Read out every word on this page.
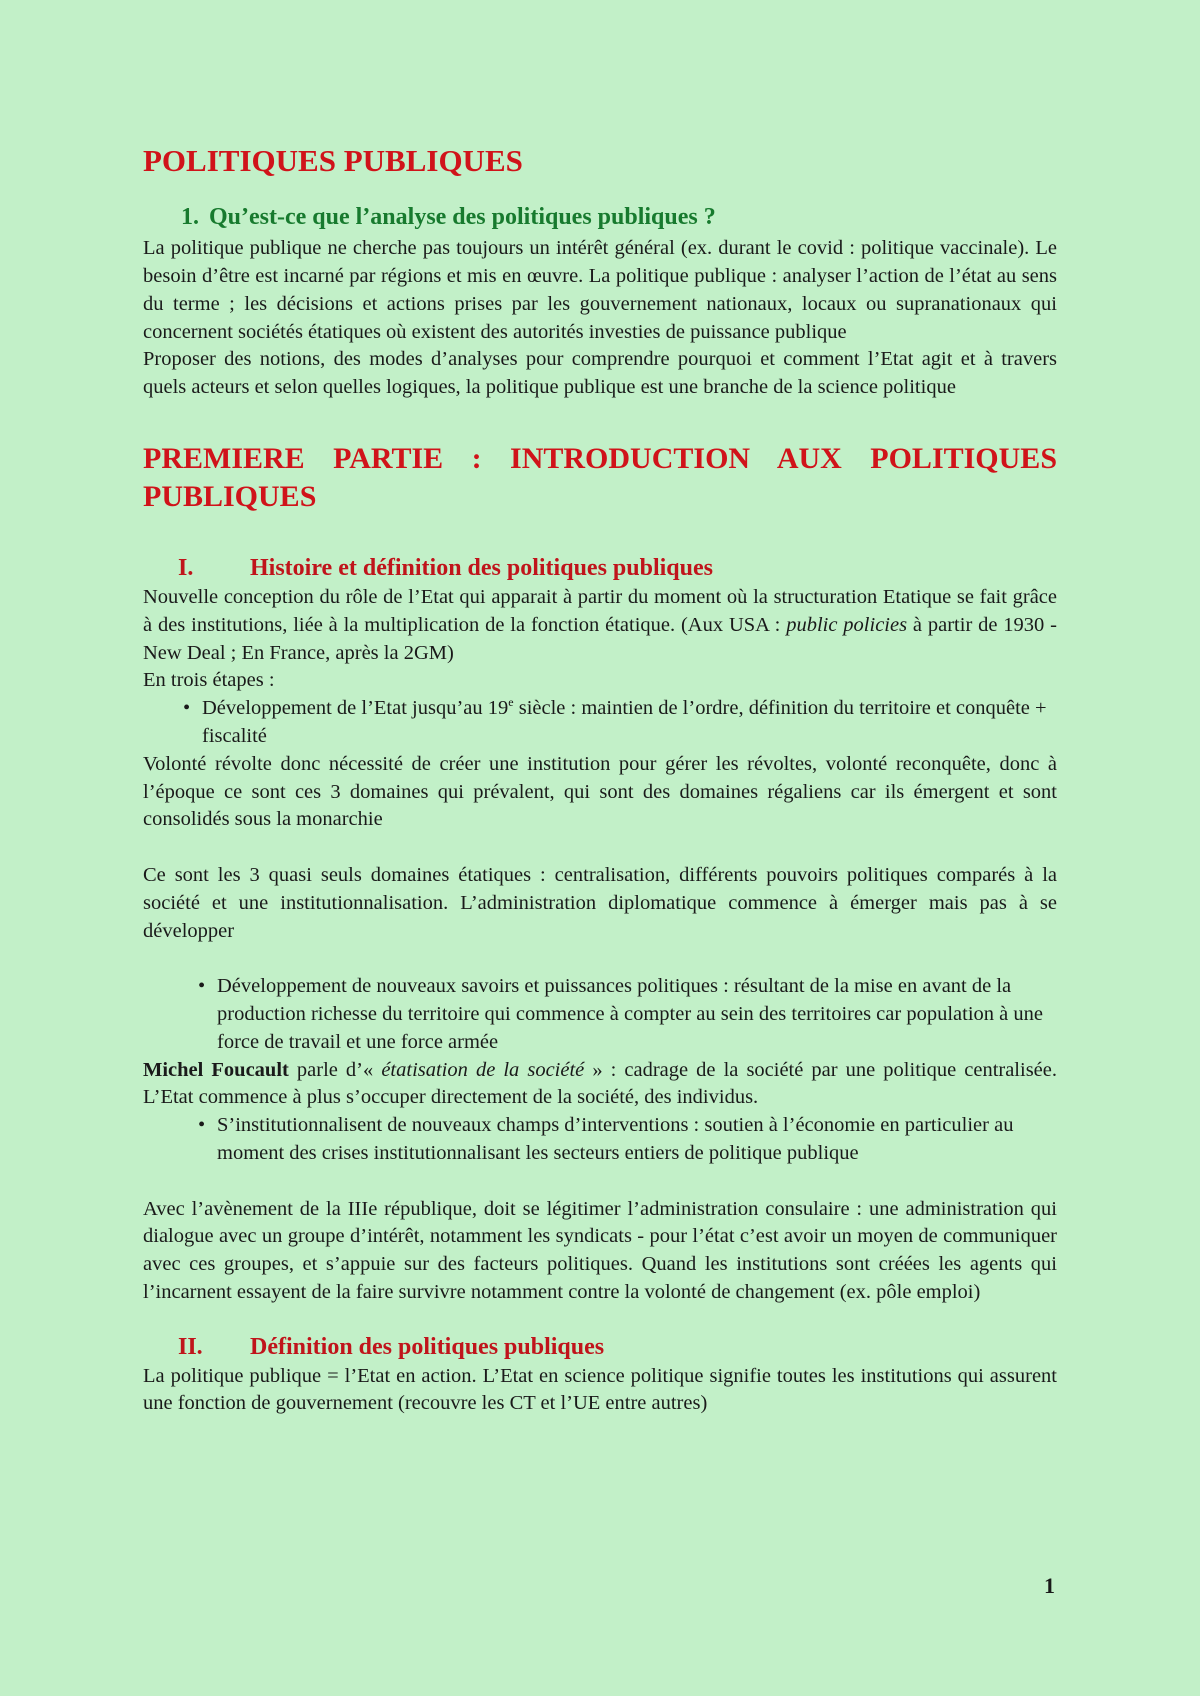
POLITIQUES PUBLIQUES
1. Qu’est-ce que l’analyse des politiques publiques ?

La politique publique ne cherche pas toujours un intérêt général (ex. durant le covid : politique vaccinale). Le besoin d’être est incarné par régions et mis en œuvre. La politique publique : analyser l’action de l’état au sens du terme ; les décisions et actions prises par les gouvernement nationaux, locaux ou supranationaux qui concernent sociétés étatiques où existent des autorités investies de puissance publique

Proposer des notions, des modes d’analyses pour comprendre pourquoi et comment l’Etat agit et à travers quels acteurs et selon quelles logiques, la politique publique est une branche de la science politique

PREMIERE PARTIE : INTRODUCTION AUX POLITIQUES PUBLIQUES
I. Histoire et définition des politiques publiques

Nouvelle conception du rôle de l’Etat qui apparait à partir du moment où la structuration Etatique se fait grâce à des institutions, liée à la multiplication de la fonction étatique. (Aux USA : public policies à partir de 1930 - New Deal ; En France, après la 2GM)

En trois étapes :

• Développement de l’Etat jusqu’au 19e siècle : maintien de l’ordre, définition du territoire et conquête + fiscalité

Volonté révolte donc nécessité de créer une institution pour gérer les révoltes, volonté reconquête, donc à l’époque ce sont ces 3 domaines qui prévalent, qui sont des domaines régaliens car ils émergent et sont consolidés sous la monarchie

Ce sont les 3 quasi seuls domaines étatiques : centralisation, différents pouvoirs politiques comparés à la société et une institutionnalisation. L’administration diplomatique commence à émerger mais pas à se développer

• Développement de nouveaux savoirs et puissances politiques : résultant de la mise en avant de la production richesse du territoire qui commence à compter au sein des territoires car population à une force de travail et une force armée

Michel Foucault parle d’« étatisation de la société » : cadrage de la société par une politique centralisée. L’Etat commence à plus s’occuper directement de la société, des individus.

• S’institutionnalisent de nouveaux champs d’interventions : soutien à l’économie en particulier au moment des crises institutionnalisant les secteurs entiers de politique publique

Avec l’avènement de la IIIe république, doit se légitimer l’administration consulaire : une administration qui dialogue avec un groupe d’intérêt, notamment les syndicats - pour l’état c’est avoir un moyen de communiquer avec ces groupes, et s’appuie sur des facteurs politiques. Quand les institutions sont créées les agents qui l’incarnent essayent de la faire survivre notamment contre la volonté de changement (ex. pôle emploi)

II. Définition des politiques publiques

La politique publique = l’Etat en action. L’Etat en science politique signifie toutes les institutions qui assurent une fonction de gouvernement (recouvre les CT et l’UE entre autres)

1
